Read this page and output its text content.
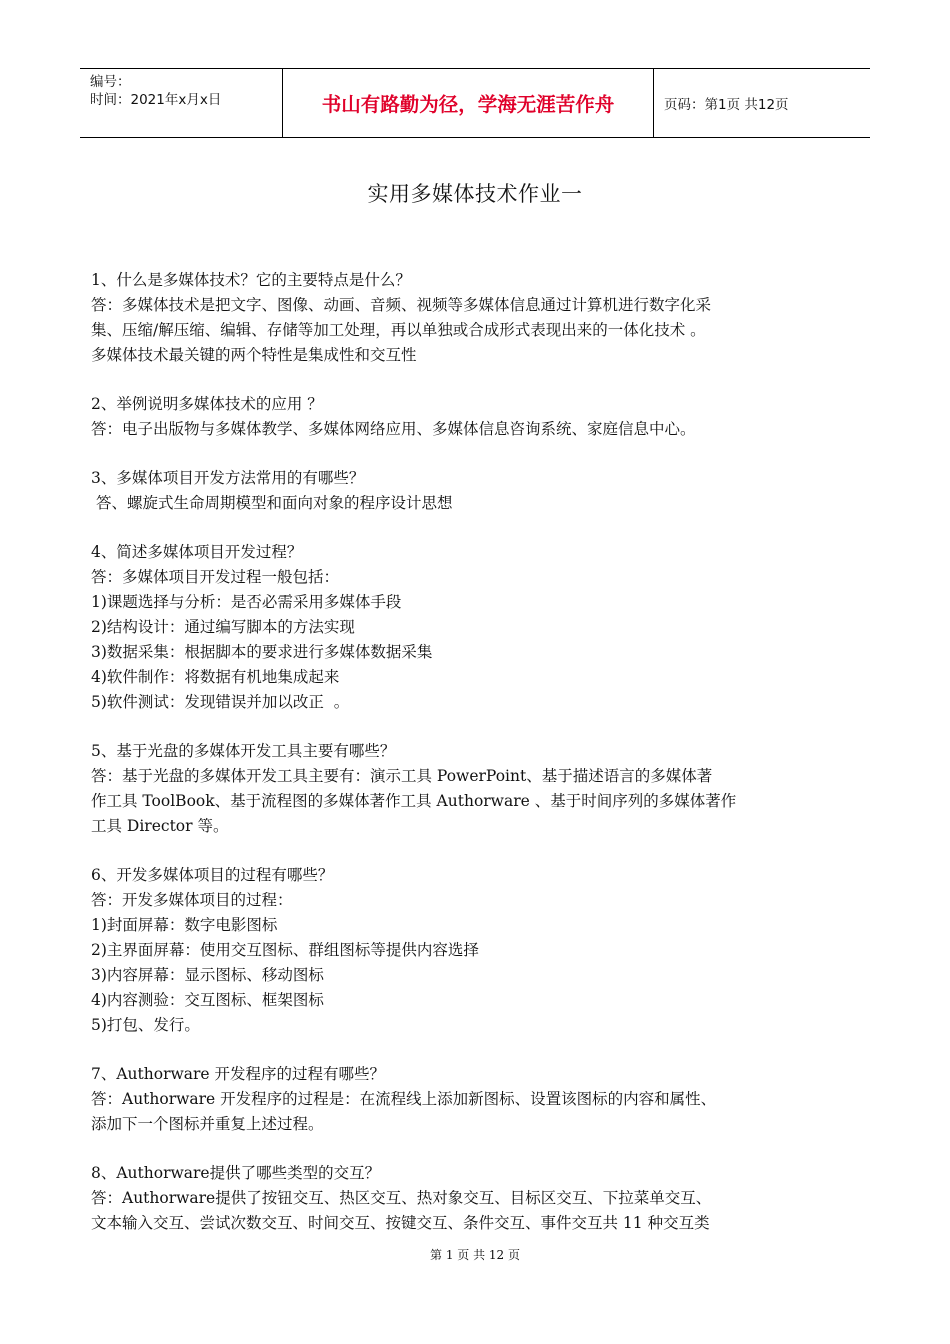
编号：
时间：2021年x月x日	书山有路勤为径，学海无涯苦作舟	页码：第1页 共12页
实用多媒体技术作业一

1、什么是多媒体技术？它的主要特点是什么？

答：多媒体技术是把文字、图像、动画、音频、视频等多媒体信息通过计算机进行数字化采

集、压缩/解压缩、编辑、存储等加工处理，再以单独或合成形式表现出来的一体化技术 。

多媒体技术最关键的两个特性是集成性和交互性

2、举例说明多媒体技术的应用 ？

答：电子出版物与多媒体教学、多媒体网络应用、多媒体信息咨询系统、家庭信息中心。

3、多媒体项目开发方法常用的有哪些？

答、螺旋式生命周期模型和面向对象的程序设计思想

4、简述多媒体项目开发过程？

答：多媒体项目开发过程一般包括：

1)课题选择与分析：是否必需采用多媒体手段

2)结构设计：通过编写脚本的方法实现

3)数据采集：根据脚本的要求进行多媒体数据采集

4)软件制作：将数据有机地集成起来

5)软件测试：发现错误并加以改正  。

5、基于光盘的多媒体开发工具主要有哪些？

答：基于光盘的多媒体开发工具主要有：演示工具 PowerPoint、基于描述语言的多媒体著

作工具 ToolBook、基于流程图的多媒体著作工具 Authorware 、基于时间序列的多媒体著作

工具 Director 等。

6、开发多媒体项目的过程有哪些？

答：开发多媒体项目的过程：

1)封面屏幕：数字电影图标

2)主界面屏幕：使用交互图标、群组图标等提供内容选择

3)内容屏幕：显示图标、移动图标

4)内容测验：交互图标、框架图标

5)打包、发行。

7、Authorware 开发程序的过程有哪些？

答：Authorware 开发程序的过程是：在流程线上添加新图标、设置该图标的内容和属性、

添加下一个图标并重复上述过程。

8、Authorware提供了哪些类型的交互？

答：Authorware提供了按钮交互、热区交互、热对象交互、目标区交互、下拉菜单交互、

文本输入交互、尝试次数交互、时间交互、按键交互、条件交互、事件交互共 11 种交互类

第 1 页 共 12 页
